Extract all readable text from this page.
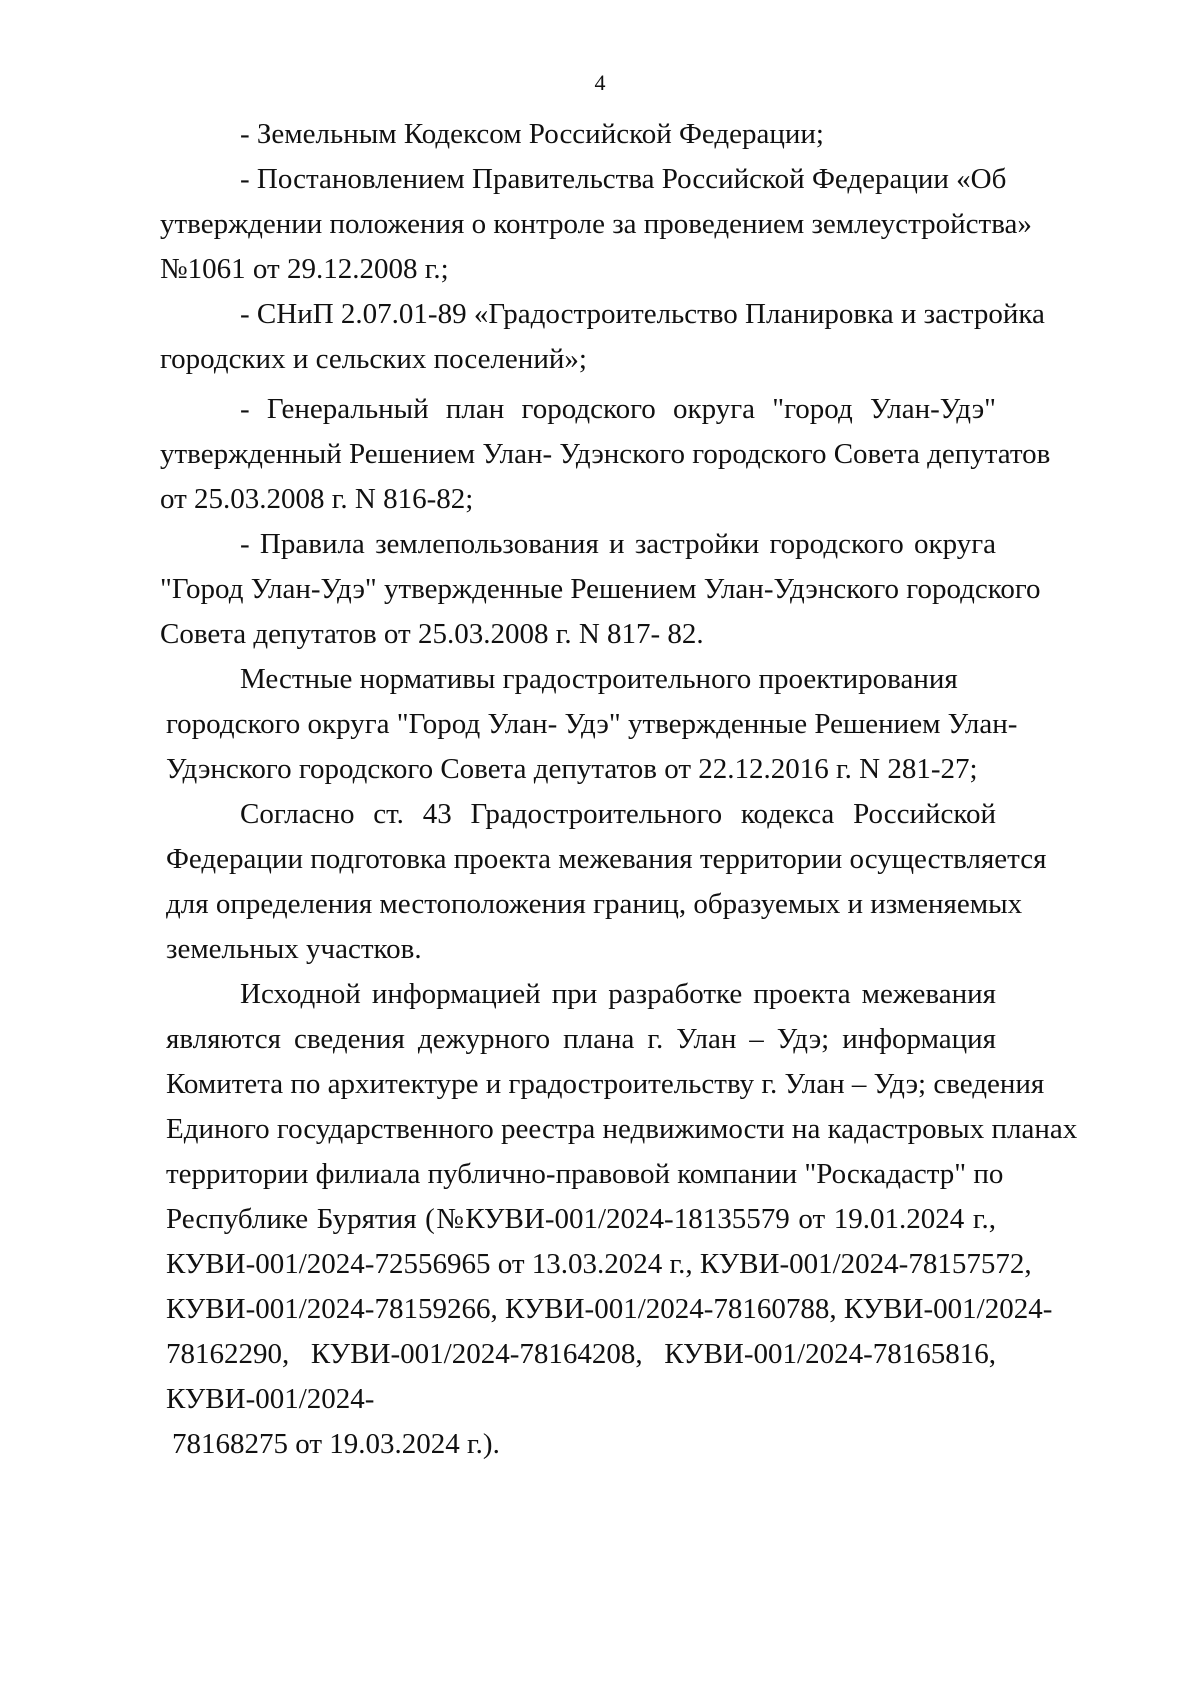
4
- Земельным Кодексом Российской Федерации;
- Постановлением Правительства Российской Федерации «Об
утверждении положения о контроле за проведением землеустройства»
№1061 от 29.12.2008 г.;
- СНиП 2.07.01-89 «Градостроительство Планировка и застройка
городских и сельских поселений»;
- Генеральный план городского округа "город Улан-Удэ"
утвержденный Решением Улан- Удэнского городского Совета депутатов
от 25.03.2008 г. N 816-82;
- Правила землепользования и застройки городского округа
"Город Улан-Удэ" утвержденные Решением Улан-Удэнского городского
Совета депутатов от 25.03.2008 г. N 817- 82.
Местные нормативы градостроительного проектирования
городского округа "Город Улан- Удэ" утвержденные Решением Улан-
Удэнского городского Совета депутатов от 22.12.2016 г. N 281-27;
Согласно ст. 43 Градостроительного кодекса Российской
Федерации подготовка проекта межевания территории осуществляется
для определения местоположения границ, образуемых и изменяемых
земельных участков.
Исходной информацией при разработке проекта межевания
являются сведения дежурного плана г. Улан – Удэ; информация
Комитета по архитектуре и градостроительству г. Улан – Удэ; сведения
Единого государственного реестра недвижимости на кадастровых планах
территории филиала публично-правовой компании "Роскадастр" по
Республике Бурятия (№КУВИ-001/2024-18135579 от 19.01.2024 г.,
КУВИ-001/2024-72556965 от 13.03.2024 г., КУВИ-001/2024-78157572,
КУВИ-001/2024-78159266, КУВИ-001/2024-78160788, КУВИ-001/2024-
78162290, КУВИ-001/2024-78164208, КУВИ-001/2024-78165816,
КУВИ-001/2024-
78168275 от 19.03.2024 г.).
